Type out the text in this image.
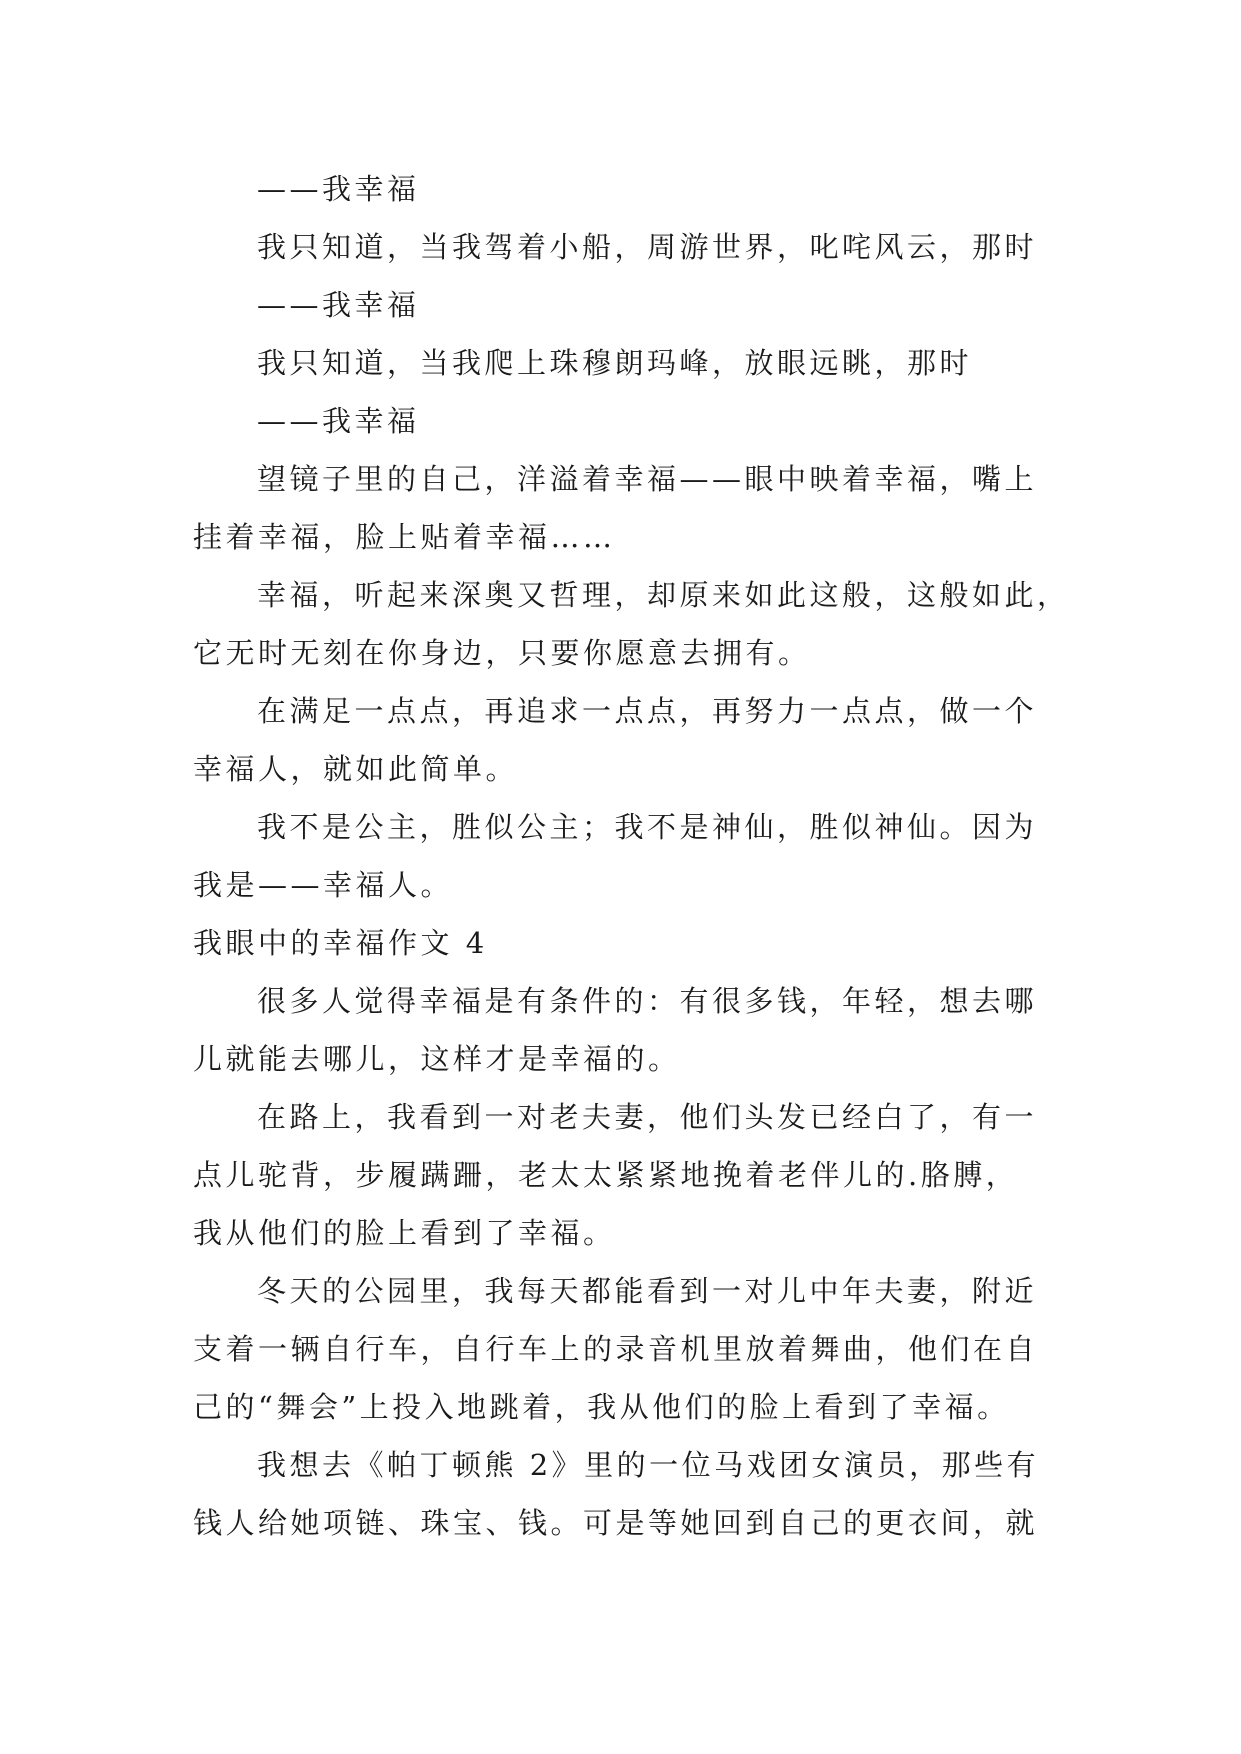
——我幸福
我只知道，当我驾着小船，周游世界，叱咤风云，那时
——我幸福
我只知道，当我爬上珠穆朗玛峰，放眼远眺，那时
——我幸福
望镜子里的自己，洋溢着幸福——眼中映着幸福，嘴上
挂着幸福，脸上贴着幸福……
幸福，听起来深奥又哲理，却原来如此这般，这般如此，
它无时无刻在你身边，只要你愿意去拥有。
在满足一点点，再追求一点点，再努力一点点，做一个
幸福人，就如此简单。
我不是公主，胜似公主；我不是神仙，胜似神仙。因为
我是——幸福人。
我眼中的幸福作文 4
很多人觉得幸福是有条件的：有很多钱，年轻，想去哪
儿就能去哪儿，这样才是幸福的。
在路上，我看到一对老夫妻，他们头发已经白了，有一
点儿驼背，步履蹒跚，老太太紧紧地挽着老伴儿的.胳膊，
我从他们的脸上看到了幸福。
冬天的公园里，我每天都能看到一对儿中年夫妻，附近
支着一辆自行车，自行车上的录音机里放着舞曲，他们在自
己的“舞会”上投入地跳着，我从他们的脸上看到了幸福。
我想去《帕丁顿熊 2》里的一位马戏团女演员，那些有
钱人给她项链、珠宝、钱。可是等她回到自己的更衣间，就
